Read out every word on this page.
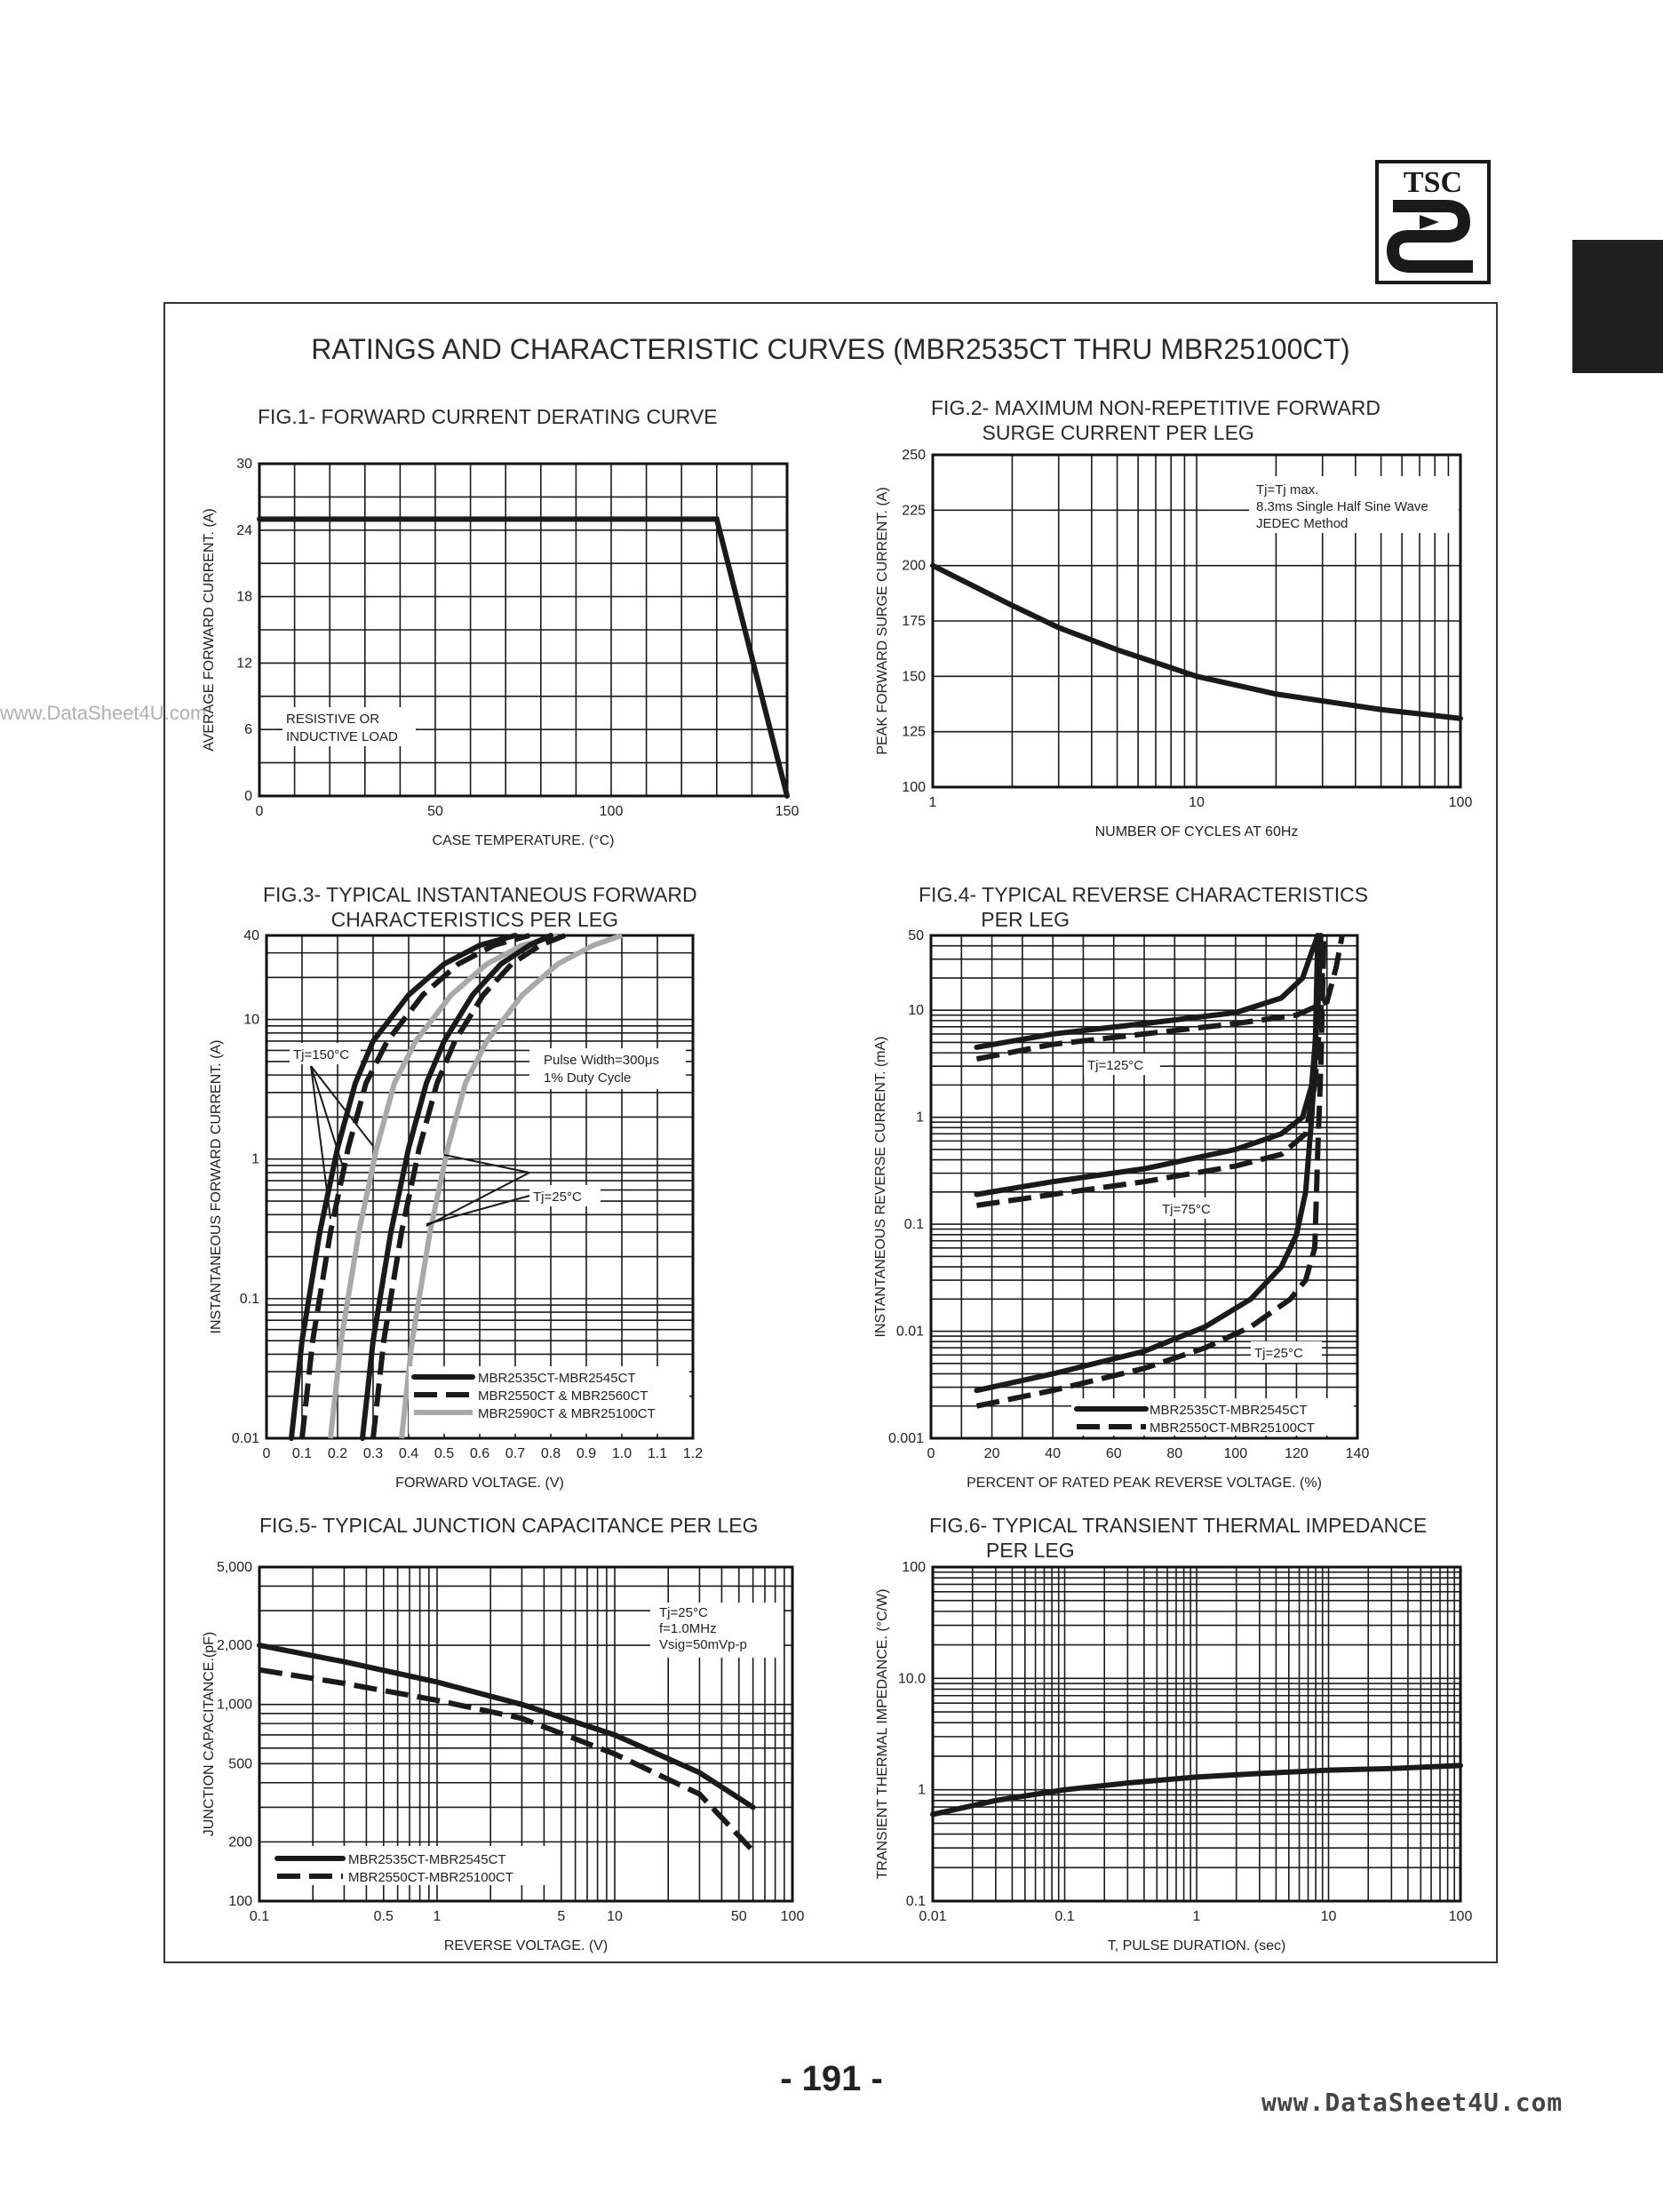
TSC
www.DataSheet4U.com
RATINGS AND CHARACTERISTIC CURVES (MBR2535CT THRU MBR25100CT)
FIG.1- FORWARD CURRENT DERATING CURVE	FIG.2- MAXIMUM NON-REPETITIVE FORWARD
SURGE CURRENT PER LEG
FIG.3- TYPICAL INSTANTANEOUS FORWARD
CHARACTERISTICS PER LEG
FIG.4- TYPICAL REVERSE CHARACTERISTICS
PER LEG
FIG.5- TYPICAL JUNCTION CAPACITANCE PER LEG	FIG.6- TYPICAL TRANSIENT THERMAL IMPEDANCE
PER LEG
0	50	100	150
0
6
12
18
24
30
CASE TEMPERATURE. (°C)
AVERAGE FORWARD CURRENT. (A)
1	10	100
100
125
150
175
200
225
250
NUMBER OF CYCLES AT 60Hz
PEAK FORWARD SURGE CURRENT. (A)
0 0.1 0.2 0.3 0.4 0.5 0.6 0.7 0.8 0.9 1.0 1.1 1.2
0.01
0.1
1
10
40
FORWARD VOLTAGE. (V)
INSTANTANEOUS FORWARD CURRENT. (A)
0	20	40	60	80	100	120	140
0.001
0.01
0.1
1
10
50
PERCENT OF RATED PEAK REVERSE VOLTAGE. (%)
INSTANTANEOUS REVERSE CURRENT. (mA)
0.1	0.5	1	5	10	50 100
100
200
500
1,000
2,000
5,000
REVERSE VOLTAGE. (V)
JUNCTION CAPACITANCE.(pF)
0.01	0.1	1	10	100
0.1
1
10.0
100
T, PULSE DURATION. (sec)
TRANSIENT THERMAL IMPEDANCE. (°C/W)
RESISTIVE OR
INDUCTIVE LOAD
Tj=Tj max.
8.3ms Single Half Sine Wave
JEDEC Method
Tj=150°C	Pulse Width=300μs
1% Duty Cycle
Tj=25°C
MBR2535CT-MBR2545CT
MBR2550CT & MBR2560CT
MBR2590CT & MBR25100CT
Tj=125°C
Tj=75°C
Tj=25°C
MBR2535CT-MBR2545CT
MBR2550CT-MBR25100CT
Tj=25°C
f=1.0MHz
Vsig=50mVp-p
MBR2535CT-MBR2545CT
MBR2550CT-MBR25100CT
- 191 -
www.DataSheet4U.com
